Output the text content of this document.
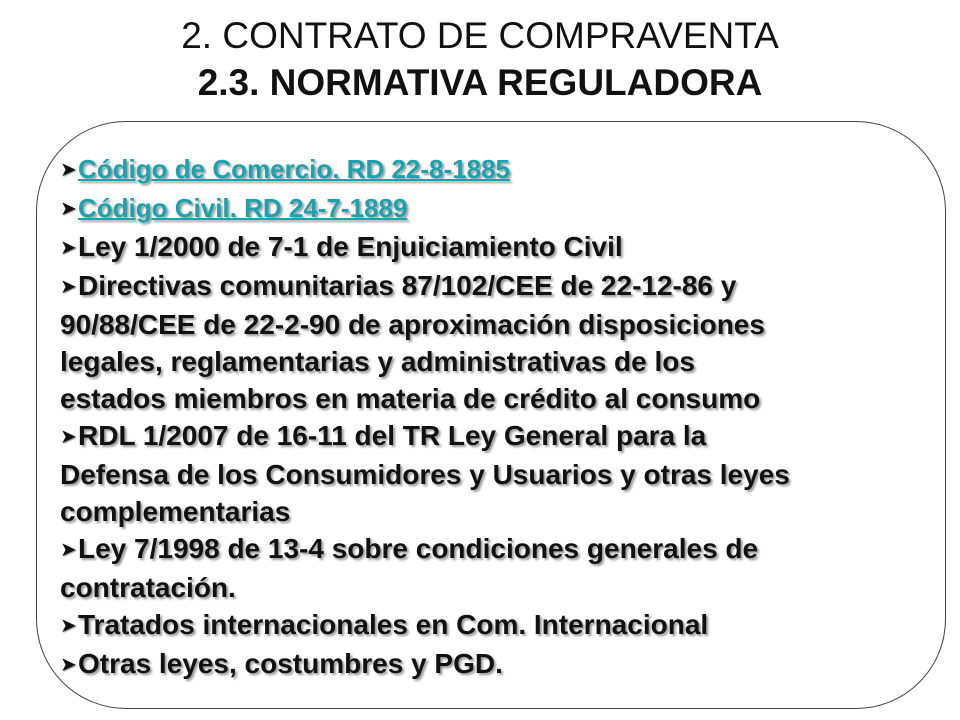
2. CONTRATO DE COMPRAVENTA
2.3. NORMATIVA REGULADORA
➤Código de Comercio. RD 22-8-1885
➤Código Civil. RD 24-7-1889
➤Ley 1/2000 de 7-1 de Enjuiciamiento Civil
➤Directivas comunitarias 87/102/CEE de 22-12-86 y
90/88/CEE de 22-2-90 de aproximación disposiciones
legales, reglamentarias y administrativas de los
estados miembros en materia de crédito al consumo
➤RDL 1/2007 de 16-11 del TR Ley General para la
Defensa de los Consumidores y Usuarios y otras leyes
complementarias
➤Ley 7/1998 de 13-4 sobre condiciones generales de
contratación.
➤Tratados internacionales en Com. Internacional
➤Otras leyes, costumbres y PGD.
